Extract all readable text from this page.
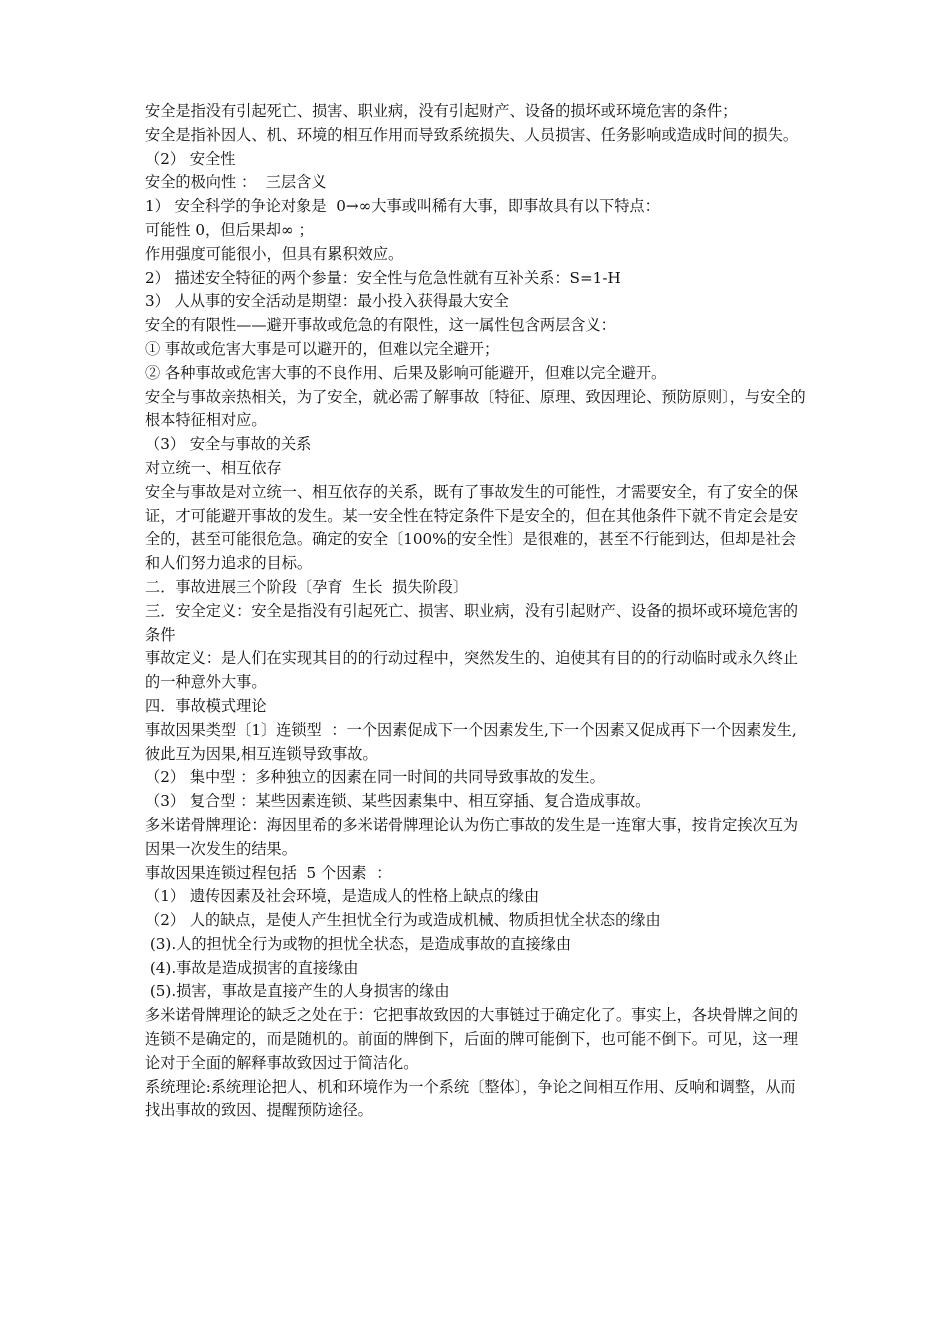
安全是指没有引起死亡、损害、职业病，没有引起财产、设备的损坏或环境危害的条件；

安全是指补因人、机、环境的相互作用而导致系统损失、人员损害、任务影响或造成时间的损失。

（2） 安全性

安全的极向性 ：  三层含义

1） 安全科学的争论对象是  0→∞大事或叫稀有大事，即事故具有以下特点：

可能性 0，但后果却∞ ；

作用强度可能很小，但具有累积效应。

2） 描述安全特征的两个参量：安全性与危急性就有互补关系：S=1-H

3） 人从事的安全活动是期望：最小投入获得最大安全

安全的有限性——避开事故或危急的有限性，这一属性包含两层含义：

① 事故或危害大事是可以避开的，但难以完全避开；

② 各种事故或危害大事的不良作用、后果及影响可能避开，但难以完全避开。

安全与事故亲热相关，为了安全，就必需了解事故〔特征、原理、致因理论、预防原则〕，与安全的根本特征相对应。

（3） 安全与事故的关系

对立统一、相互依存

安全与事故是对立统一、相互依存的关系，既有了事故发生的可能性，才需要安全，有了安全的保证，才可能避开事故的发生。某一安全性在特定条件下是安全的，但在其他条件下就不肯定会是安全的，甚至可能很危急。确定的安全〔100%的安全性〕是很难的，甚至不行能到达，但却是社会和人们努力追求的目标。

二．事故进展三个阶段〔孕育  生长  损失阶段〕

三．安全定义：安全是指没有引起死亡、损害、职业病，没有引起财产、设备的损坏或环境危害的条件

事故定义：是人们在实现其目的的行动过程中，突然发生的、迫使其有目的的行动临时或永久终止的一种意外大事。

四．事故模式理论

事故因果类型〔1〕连锁型  ：一个因素促成下一个因素发生,下一个因素又促成再下一个因素发生,彼此互为因果,相互连锁导致事故。

（2） 集中型 ：多种独立的因素在同一时间的共同导致事故的发生。

（3） 复合型 ：某些因素连锁、某些因素集中、相互穿插、复合造成事故。

多米诺骨牌理论：海因里希的多米诺骨牌理论认为伤亡事故的发生是一连窜大事，按肯定挨次互为因果一次发生的结果。

事故因果连锁过程包括  5 个因素  ：

（1） 遗传因素及社会环境，是造成人的性格上缺点的缘由

（2） 人的缺点，是使人产生担忧全行为或造成机械、物质担忧全状态的缘由

(3).人的担忧全行为或物的担忧全状态，是造成事故的直接缘由

(4).事故是造成损害的直接缘由

(5).损害，事故是直接产生的人身损害的缘由

多米诺骨牌理论的缺乏之处在于：它把事故致因的大事链过于确定化了。事实上，各块骨牌之间的连锁不是确定的，而是随机的。前面的牌倒下，后面的牌可能倒下，也可能不倒下。可见，这一理论对于全面的解释事故致因过于简洁化。

系统理论:系统理论把人、机和环境作为一个系统〔整体〕，争论之间相互作用、反响和调整，从而找出事故的致因、提醒预防途径。
